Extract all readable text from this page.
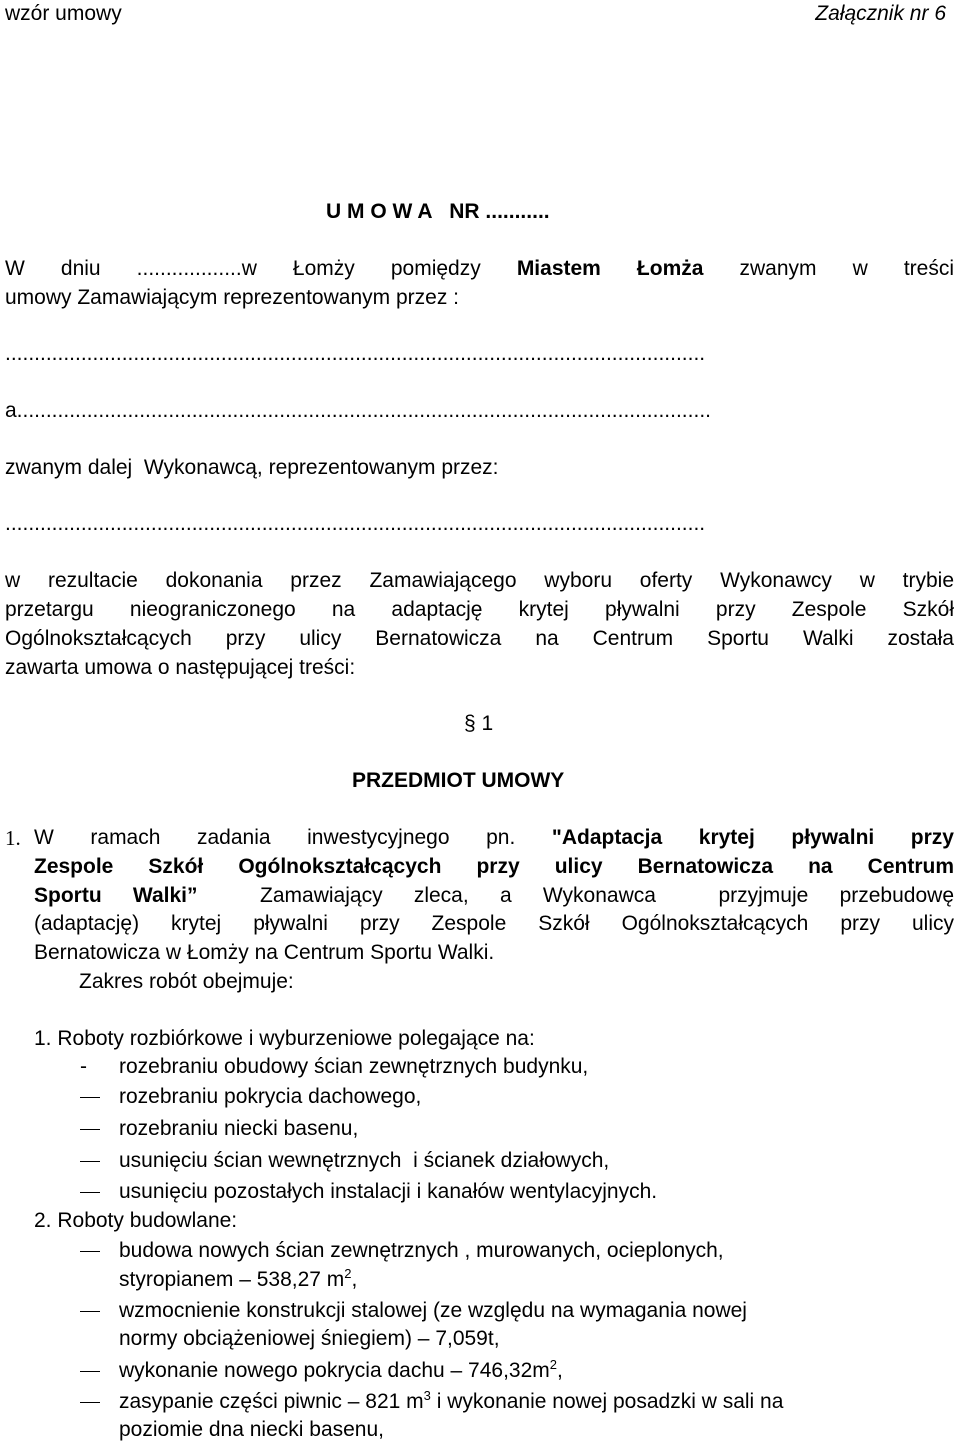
wzór umowy	Załącznik nr 6
U M O W A   NR ...........
W dniu ..................w Łomży pomiędzy Miastem Łomża zwanym w treści
umowy Zamawiającym reprezentowanym przez :
........................................................................................................................
a.......................................................................................................................
zwanym dalej  Wykonawcą, reprezentowanym przez:
........................................................................................................................
w rezultacie dokonania przez Zamawiającego wyboru oferty Wykonawcy w trybie
przetargu nieograniczonego na adaptację krytej pływalni przy Zespole Szkół
Ogólnokształcących przy ulicy Bernatowicza na Centrum Sportu Walki została
zawarta umowa o następującej treści:
§ 1
PRZEDMIOT UMOWY
1. W ramach zadania inwestycyjnego pn. "Adaptacja krytej pływalni przy
Zespole Szkół Ogólnokształcących przy ulicy Bernatowicza na Centrum
Sportu Walki”  Zamawiający zleca, a Wykonawca  przyjmuje przebudowę
(adaptację) krytej pływalni przy Zespole Szkół Ogólnokształcących przy ulicy
Bernatowicza w Łomży na Centrum Sportu Walki.
Zakres robót obejmuje:
1. Roboty rozbiórkowe i wyburzeniowe polegające na:
- rozebraniu obudowy ścian zewnętrznych budynku,
rozebraniu pokrycia dachowego,
rozebraniu niecki basenu,
usunięciu ścian wewnętrznych  i ścianek działowych,
usunięciu pozostałych instalacji i kanałów wentylacyjnych.
2. Roboty budowlane:
budowa nowych ścian zewnętrznych , murowanych, ocieplonych,
styropianem – 538,27 $m^2$,
wzmocnienie konstrukcji stalowej (ze względu na wymagania nowej
normy obciążeniowej śniegiem) – 7,059t,
wykonanie nowego pokrycia dachu – $746,32m^2$,
zasypanie części piwnic – 821 $m^3$ i wykonanie nowej posadzki w sali na
poziomie dna niecki basenu,
